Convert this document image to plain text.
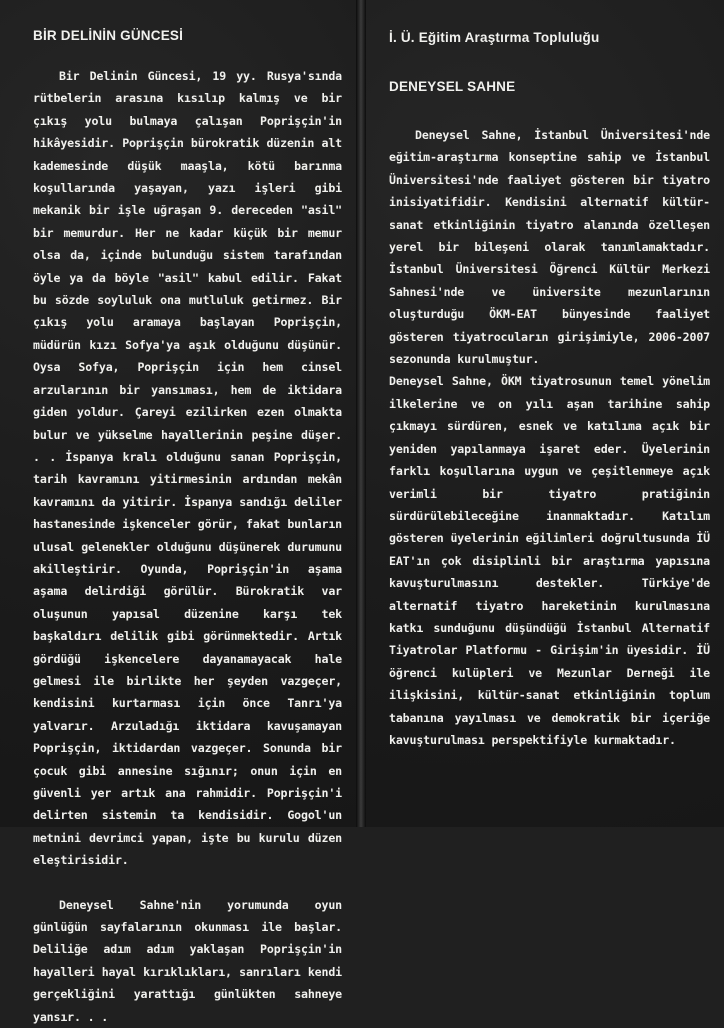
BİR DELİNİN GÜNCESİ

Bir Delinin Güncesi, 19 yy. Rusya'sında rütbelerin arasına kısılıp kalmış ve bir çıkış yolu bulmaya çalışan Poprişçin'in hikâyesidir. Poprişçin bürokratik düzenin alt kademesinde düşük maaşla, kötü barınma koşullarında yaşayan, yazı işleri gibi mekanik bir işle uğraşan 9. dereceden "asil" bir memurdur. Her ne kadar küçük bir memur olsa da, içinde bulunduğu sistem tarafından öyle ya da böyle "asil" kabul edilir. Fakat bu sözde soyluluk ona mutluluk getirmez. Bir çıkış yolu aramaya başlayan Poprişçin, müdürün kızı Sofya'ya aşık olduğunu düşünür. Oysa Sofya, Poprişçin için hem cinsel arzularının bir yansıması, hem de iktidara giden yoldur. Çareyi ezilirken ezen olmakta bulur ve yükselme hayallerinin peşine düşer. . . İspanya kralı olduğunu sanan Poprişçin, tarih kavramını yitirmesinin ardından mekân kavramını da yitirir. İspanya sandığı deliler hastanesinde işkenceler görür, fakat bunların ulusal gelenekler olduğunu düşünerek durumunu akilleştirir. Oyunda, Poprişçin'in aşama aşama delirdiği görülür. Bürokratik var oluşunun yapısal düzenine karşı tek başkaldırı delilik gibi görünmektedir. Artık gördüğü işkencelere dayanamayacak hale gelmesi ile birlikte her şeyden vazgeçer, kendisini kurtarması için önce Tanrı'ya yalvarır. Arzuladığı iktidara kavuşamayan Poprişçin, iktidardan vazgeçer. Sonunda bir çocuk gibi annesine sığınır; onun için en güvenli yer artık ana rahmidir. Poprişçin'i delirten sistemin ta kendisidir. Gogol'un metnini devrimci yapan, işte bu kurulu düzen eleştirisidir.

Deneysel Sahne'nin yorumunda oyun günlüğün sayfalarının okunması ile başlar. Deliliğe adım adım yaklaşan Poprişçin'in hayalleri hayal kırıklıkları, sanrıları kendi gerçekliğini yarattığı günlükten sahneye yansır. . .

İ. Ü. Eğitim Araştırma Topluluğu
DENEYSEL SAHNE

Deneysel Sahne, İstanbul Üniversitesi'nde eğitim-araştırma konseptine sahip ve İstanbul Üniversitesi'nde faaliyet gösteren bir tiyatro inisiyatifidir. Kendisini alternatif kültür-sanat etkinliğinin tiyatro alanında özelleşen yerel bir bileşeni olarak tanımlamaktadır. İstanbul Üniversitesi Öğrenci Kültür Merkezi Sahnesi'nde ve üniversite mezunlarının oluşturduğu ÖKM-EAT bünyesinde faaliyet gösteren tiyatrocuların girişimiyle, 2006-2007 sezonunda kurulmuştur.

Deneysel Sahne, ÖKM tiyatrosunun temel yönelim ilkelerine ve on yılı aşan tarihine sahip çıkmayı sürdüren, esnek ve katılıma açık bir yeniden yapılanmaya işaret eder. Üyelerinin farklı koşullarına uygun ve çeşitlenmeye açık verimli bir tiyatro pratiğinin sürdürülebileceğine inanmaktadır. Katılım gösteren üyelerinin eğilimleri doğrultusunda İÜ EAT'ın çok disiplinli bir araştırma yapısına kavuşturulmasını destekler. Türkiye'de alternatif tiyatro hareketinin kurulmasına katkı sunduğunu düşündüğü İstanbul Alternatif Tiyatrolar Platformu - Girişim'in üyesidir. İÜ öğrenci kulüpleri ve Mezunlar Derneği ile ilişkisini, kültür-sanat etkinliğinin toplum tabanına yayılması ve demokratik bir içeriğe kavuşturulması perspektifiyle kurmaktadır.
